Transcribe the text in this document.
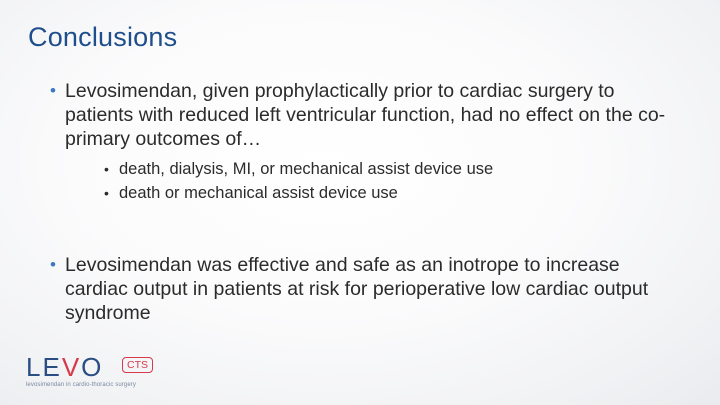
Conclusions
• Levosimendan, given prophylactically prior to cardiac surgery to patients with reduced left ventricular function, had no effect on the co-primary outcomes of…
• death, dialysis, MI, or mechanical assist device use
• death or mechanical assist device use
• Levosimendan was effective and safe as an inotrope to increase cardiac output in patients at risk for perioperative low cardiac output syndrome
LEVO	CTS
levosimendan in cardio-thoracic surgery
